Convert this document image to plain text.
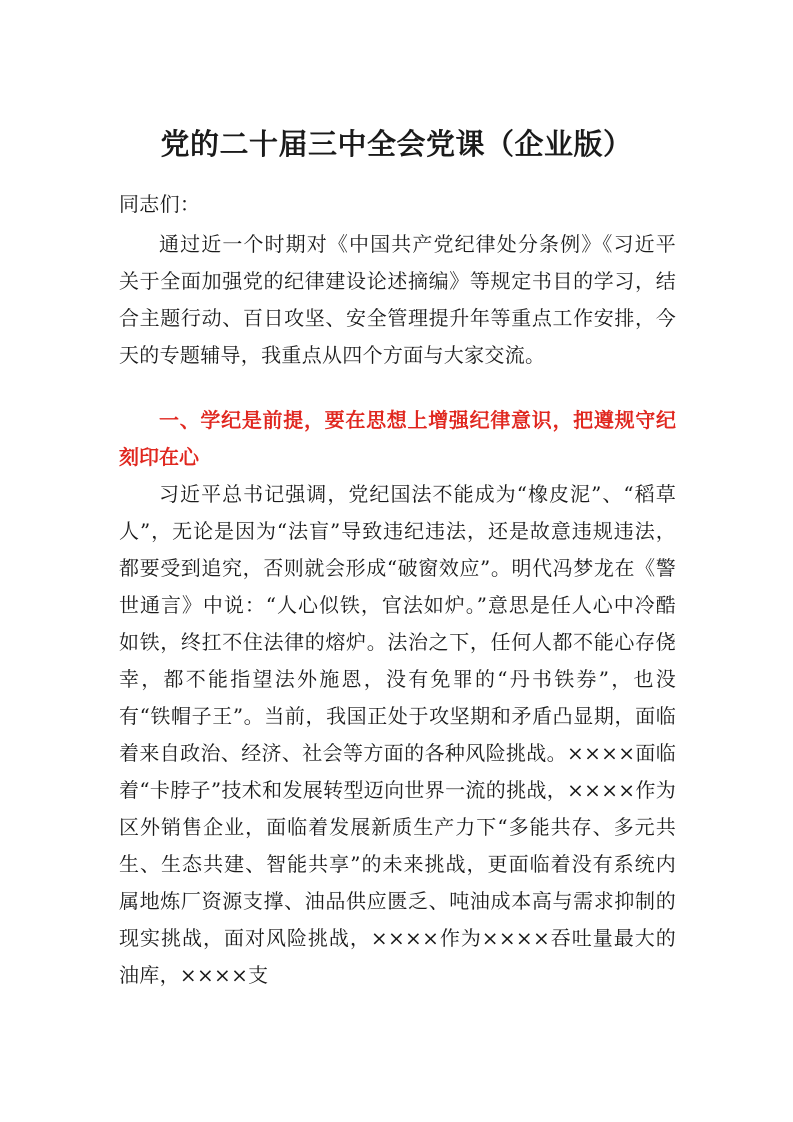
党的二十届三中全会党课（企业版）
同志们：

通过近一个时期对《中国共产党纪律处分条例》《习近平关于全面加强党的纪律建设论述摘编》等规定书目的学习，结合主题行动、百日攻坚、安全管理提升年等重点工作安排，今天的专题辅导，我重点从四个方面与大家交流。

一、学纪是前提，要在思想上增强纪律意识，把遵规守纪刻印在心

习近平总书记强调，党纪国法不能成为“橡皮泥”、“稻草人”，无论是因为“法盲”导致违纪违法，还是故意违规违法，都要受到追究，否则就会形成“破窗效应”。明代冯梦龙在《警世通言》中说：“人心似铁，官法如炉。”意思是任人心中冷酷如铁，终扛不住法律的熔炉。法治之下，任何人都不能心存侥幸，都不能指望法外施恩，没有免罪的“丹书铁券”，也没有“铁帽子王”。当前，我国正处于攻坚期和矛盾凸显期，面临着来自政治、经济、社会等方面的各种风险挑战。××××面临着“卡脖子”技术和发展转型迈向世界一流的挑战，××××作为区外销售企业，面临着发展新质生产力下“多能共存、多元共生、生态共建、智能共享”的未来挑战，更面临着没有系统内属地炼厂资源支撑、油品供应匮乏、吨油成本高与需求抑制的现实挑战，面对风险挑战，××××作为××××吞吐量最大的油库，××××支
